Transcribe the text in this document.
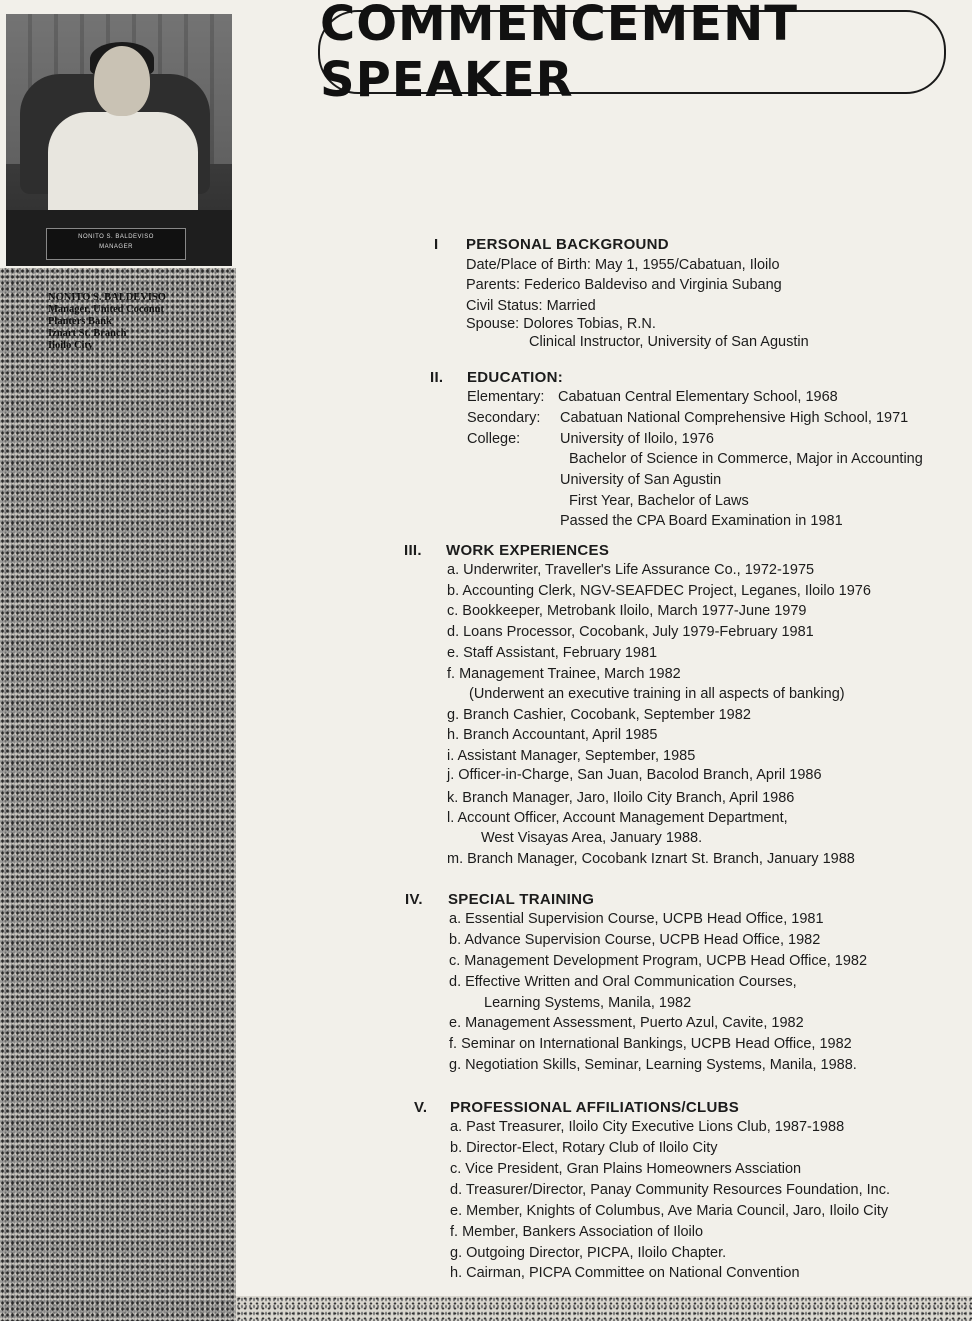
NONITO S. BALDEVISO
MANAGER
NONITO S. BALDEVISO
Manager, United Coconut
Planters Bank
Iznart St. Branch
Iloilo City
COMMENCEMENT SPEAKER
I PERSONAL BACKGROUND
Date/Place of Birth: May 1, 1955/Cabatuan, Iloilo
Parents: Federico Baldeviso and Virginia Subang
Civil Status: Married
Spouse: Dolores Tobias, R.N.
Clinical Instructor, University of San Agustin
II. EDUCATION:
Elementary:
Secondary:
College:
Cabatuan Central Elementary School, 1968
Cabatuan National Comprehensive High School, 1971
University of Iloilo, 1976
Bachelor of Science in Commerce, Major in Accounting
University of San Agustin
First Year, Bachelor of Laws
Passed the CPA Board Examination in 1981
III. WORK EXPERIENCES
a. Underwriter, Traveller's Life Assurance Co., 1972-1975
b. Accounting Clerk, NGV-SEAFDEC Project, Leganes, Iloilo 1976
c. Bookkeeper, Metrobank Iloilo, March 1977-June 1979
d. Loans Processor, Cocobank, July 1979-February 1981
e. Staff Assistant, February 1981
f. Management Trainee, March 1982
(Underwent an executive training in all aspects of banking)
g. Branch Cashier, Cocobank, September 1982
h. Branch Accountant, April 1985
i. Assistant Manager, September, 1985
j. Officer-in-Charge, San Juan, Bacolod Branch, April 1986
k. Branch Manager, Jaro, Iloilo City Branch, April 1986
l. Account Officer, Account Management Department,
West Visayas Area, January 1988.
m. Branch Manager, Cocobank Iznart St. Branch, January 1988
IV. SPECIAL TRAINING
a. Essential Supervision Course, UCPB Head Office, 1981
b. Advance Supervision Course, UCPB Head Office, 1982
c. Management Development Program, UCPB Head Office, 1982
d. Effective Written and Oral Communication Courses,
Learning Systems, Manila, 1982
e. Management Assessment, Puerto Azul, Cavite, 1982
f. Seminar on International Bankings, UCPB Head Office, 1982
g. Negotiation Skills, Seminar, Learning Systems, Manila, 1988.
V. PROFESSIONAL AFFILIATIONS/CLUBS
a. Past Treasurer, Iloilo City Executive Lions Club, 1987-1988
b. Director-Elect, Rotary Club of Iloilo City
c. Vice President, Gran Plains Homeowners Assciation
d. Treasurer/Director, Panay Community Resources Foundation, Inc.
e. Member, Knights of Columbus, Ave Maria Council, Jaro, Iloilo City
f. Member, Bankers Association of Iloilo
g. Outgoing Director, PICPA, Iloilo Chapter.
h. Cairman, PICPA Committee on National Convention
